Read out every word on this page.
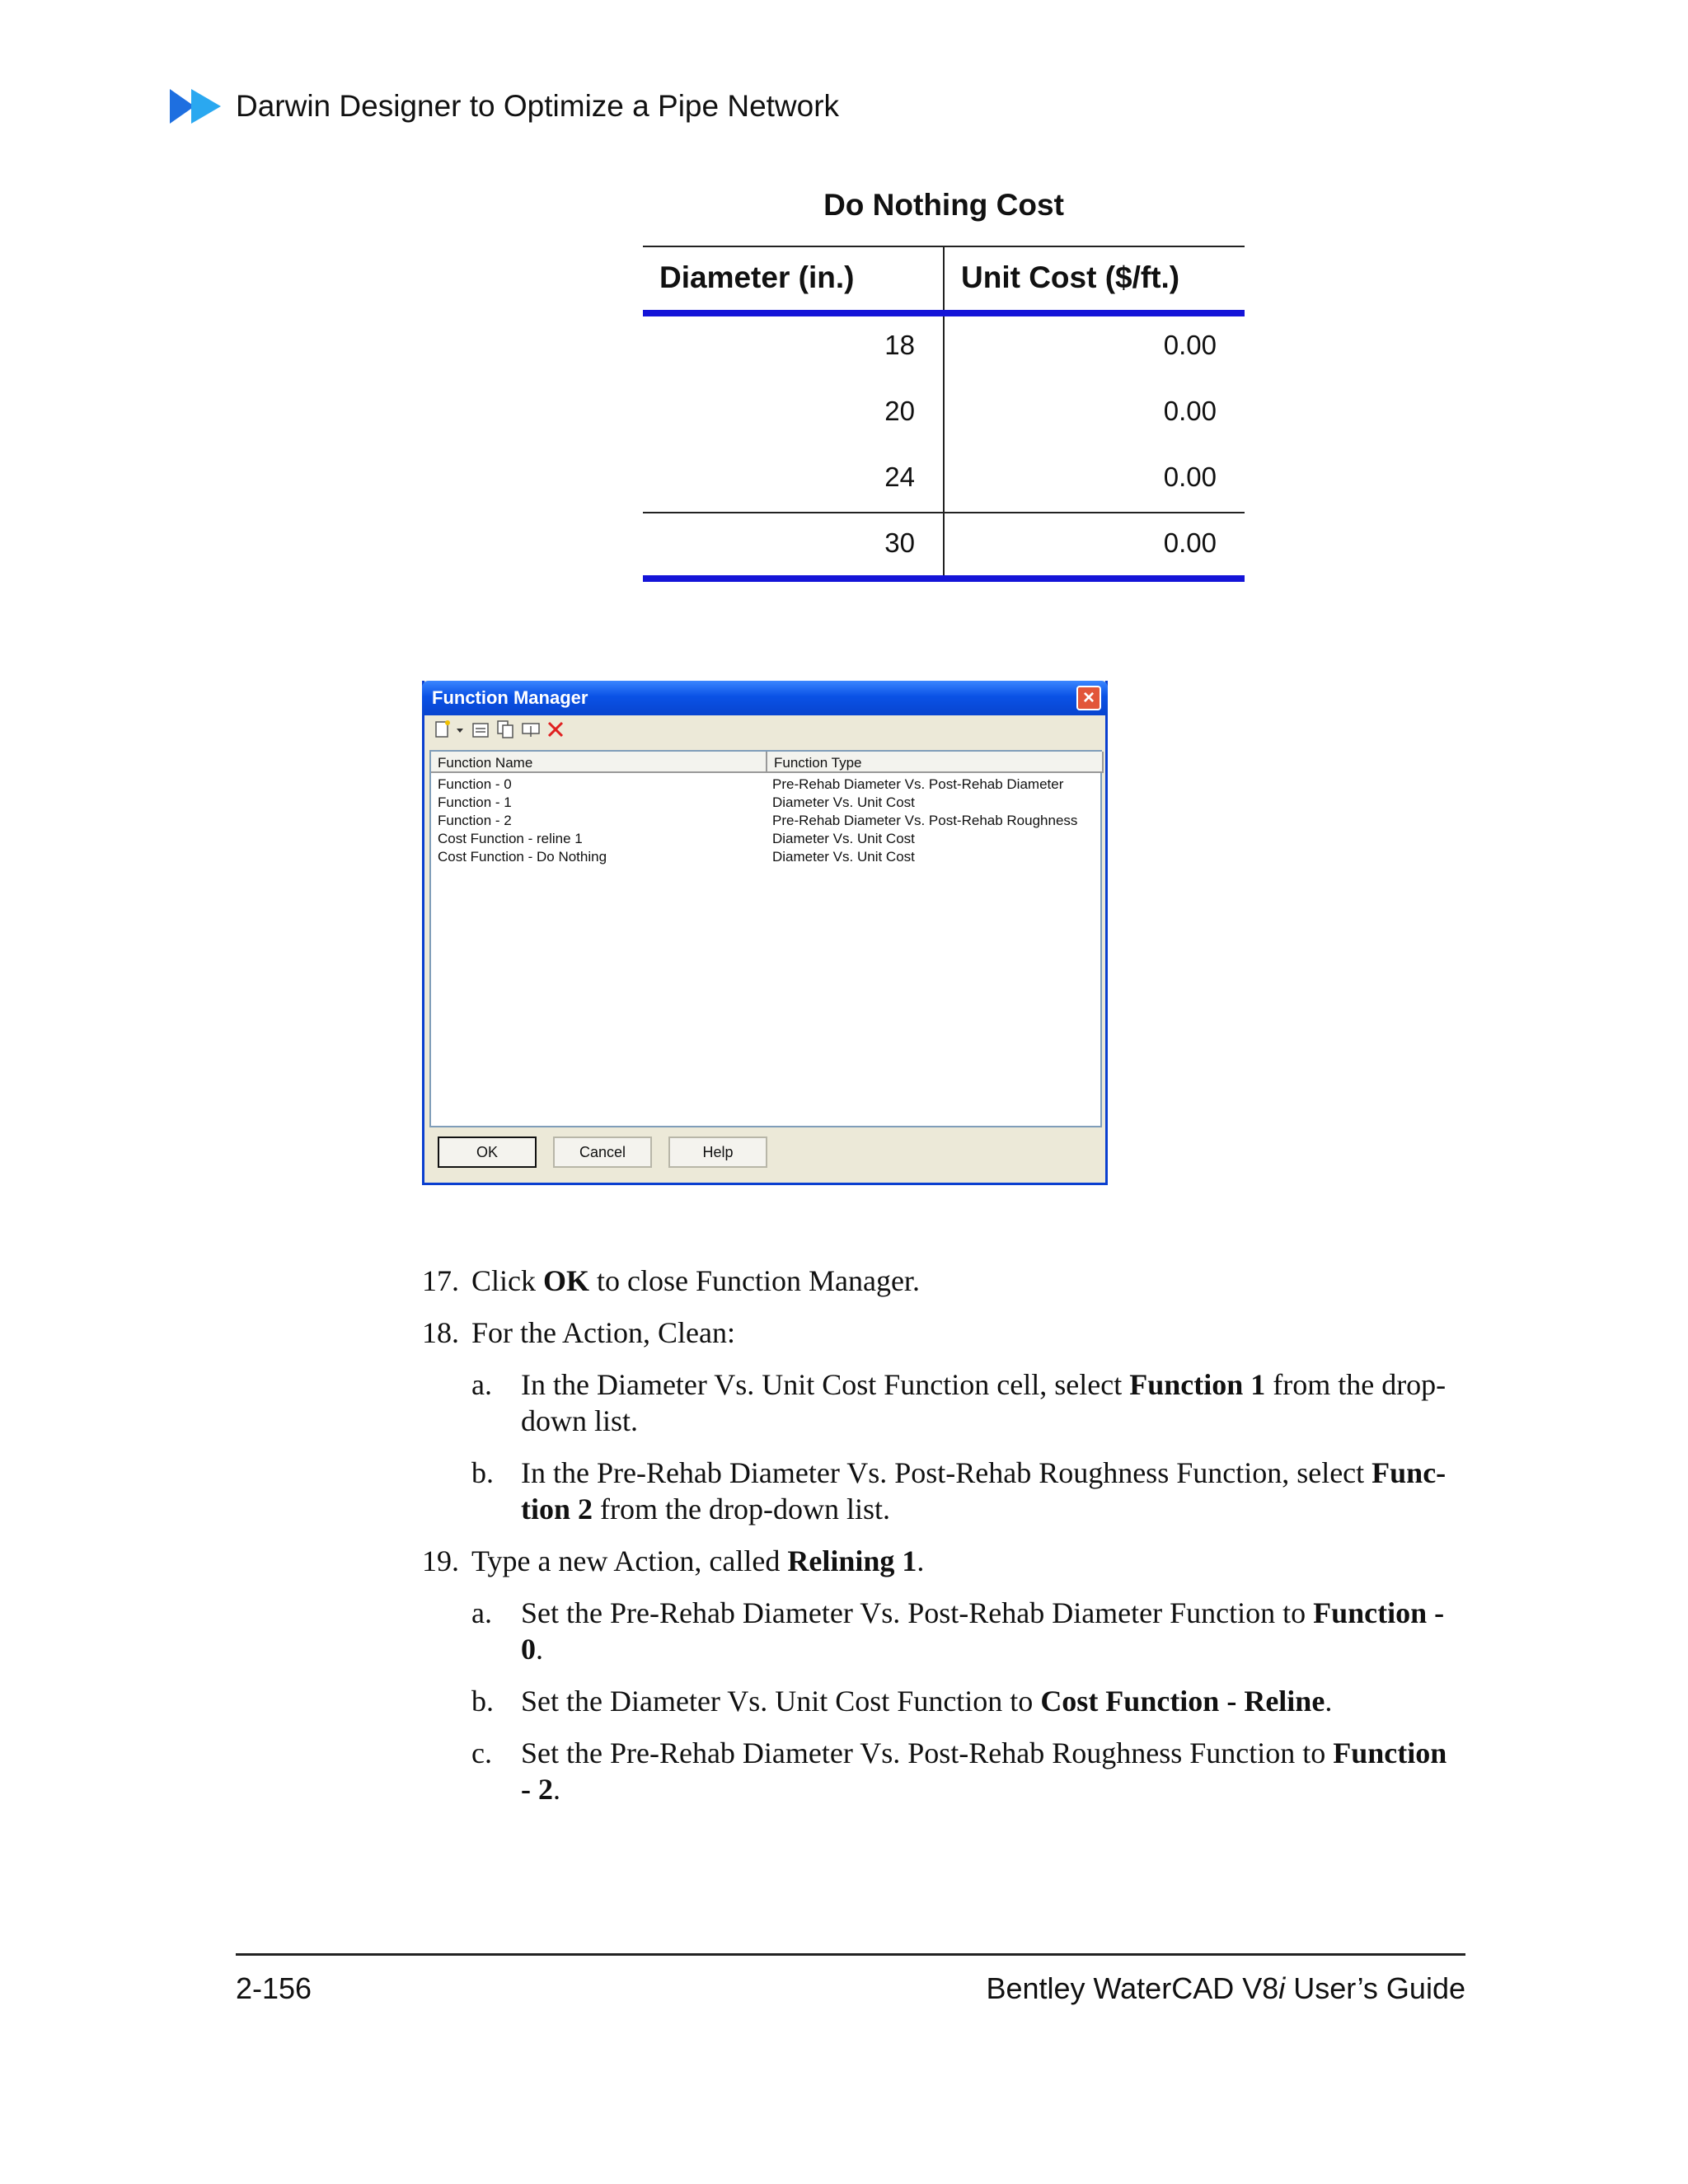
Darwin Designer to Optimize a Pipe Network
Do Nothing Cost
Diameter (in.)	Unit Cost ($/ft.)
18	0.00
20	0.00
24	0.00
30	0.00
Function Manager	×
Function Name	Function Type
Function - 0	Pre-Rehab Diameter Vs. Post-Rehab Diameter
Function - 1	Diameter Vs. Unit Cost
Function - 2	Pre-Rehab Diameter Vs. Post-Rehab Roughness
Cost Function - reline 1	Diameter Vs. Unit Cost
Cost Function - Do Nothing	Diameter Vs. Unit Cost
OK	Cancel	Help
17. Click OK to close Function Manager.
18. For the Action, Clean:
a. In the Diameter Vs. Unit Cost Function cell, select Function 1 from the drop-
down list.
b. In the Pre-Rehab Diameter Vs. Post-Rehab Roughness Function, select Func-
tion 2 from the drop-down list.
19. Type a new Action, called Relining 1.
a. Set the Pre-Rehab Diameter Vs. Post-Rehab Diameter Function to Function -
0.
b. Set the Diameter Vs. Unit Cost Function to Cost Function - Reline.
c. Set the Pre-Rehab Diameter Vs. Post-Rehab Roughness Function to Function
- 2.
2-156	Bentley WaterCAD V8i User’s Guide
